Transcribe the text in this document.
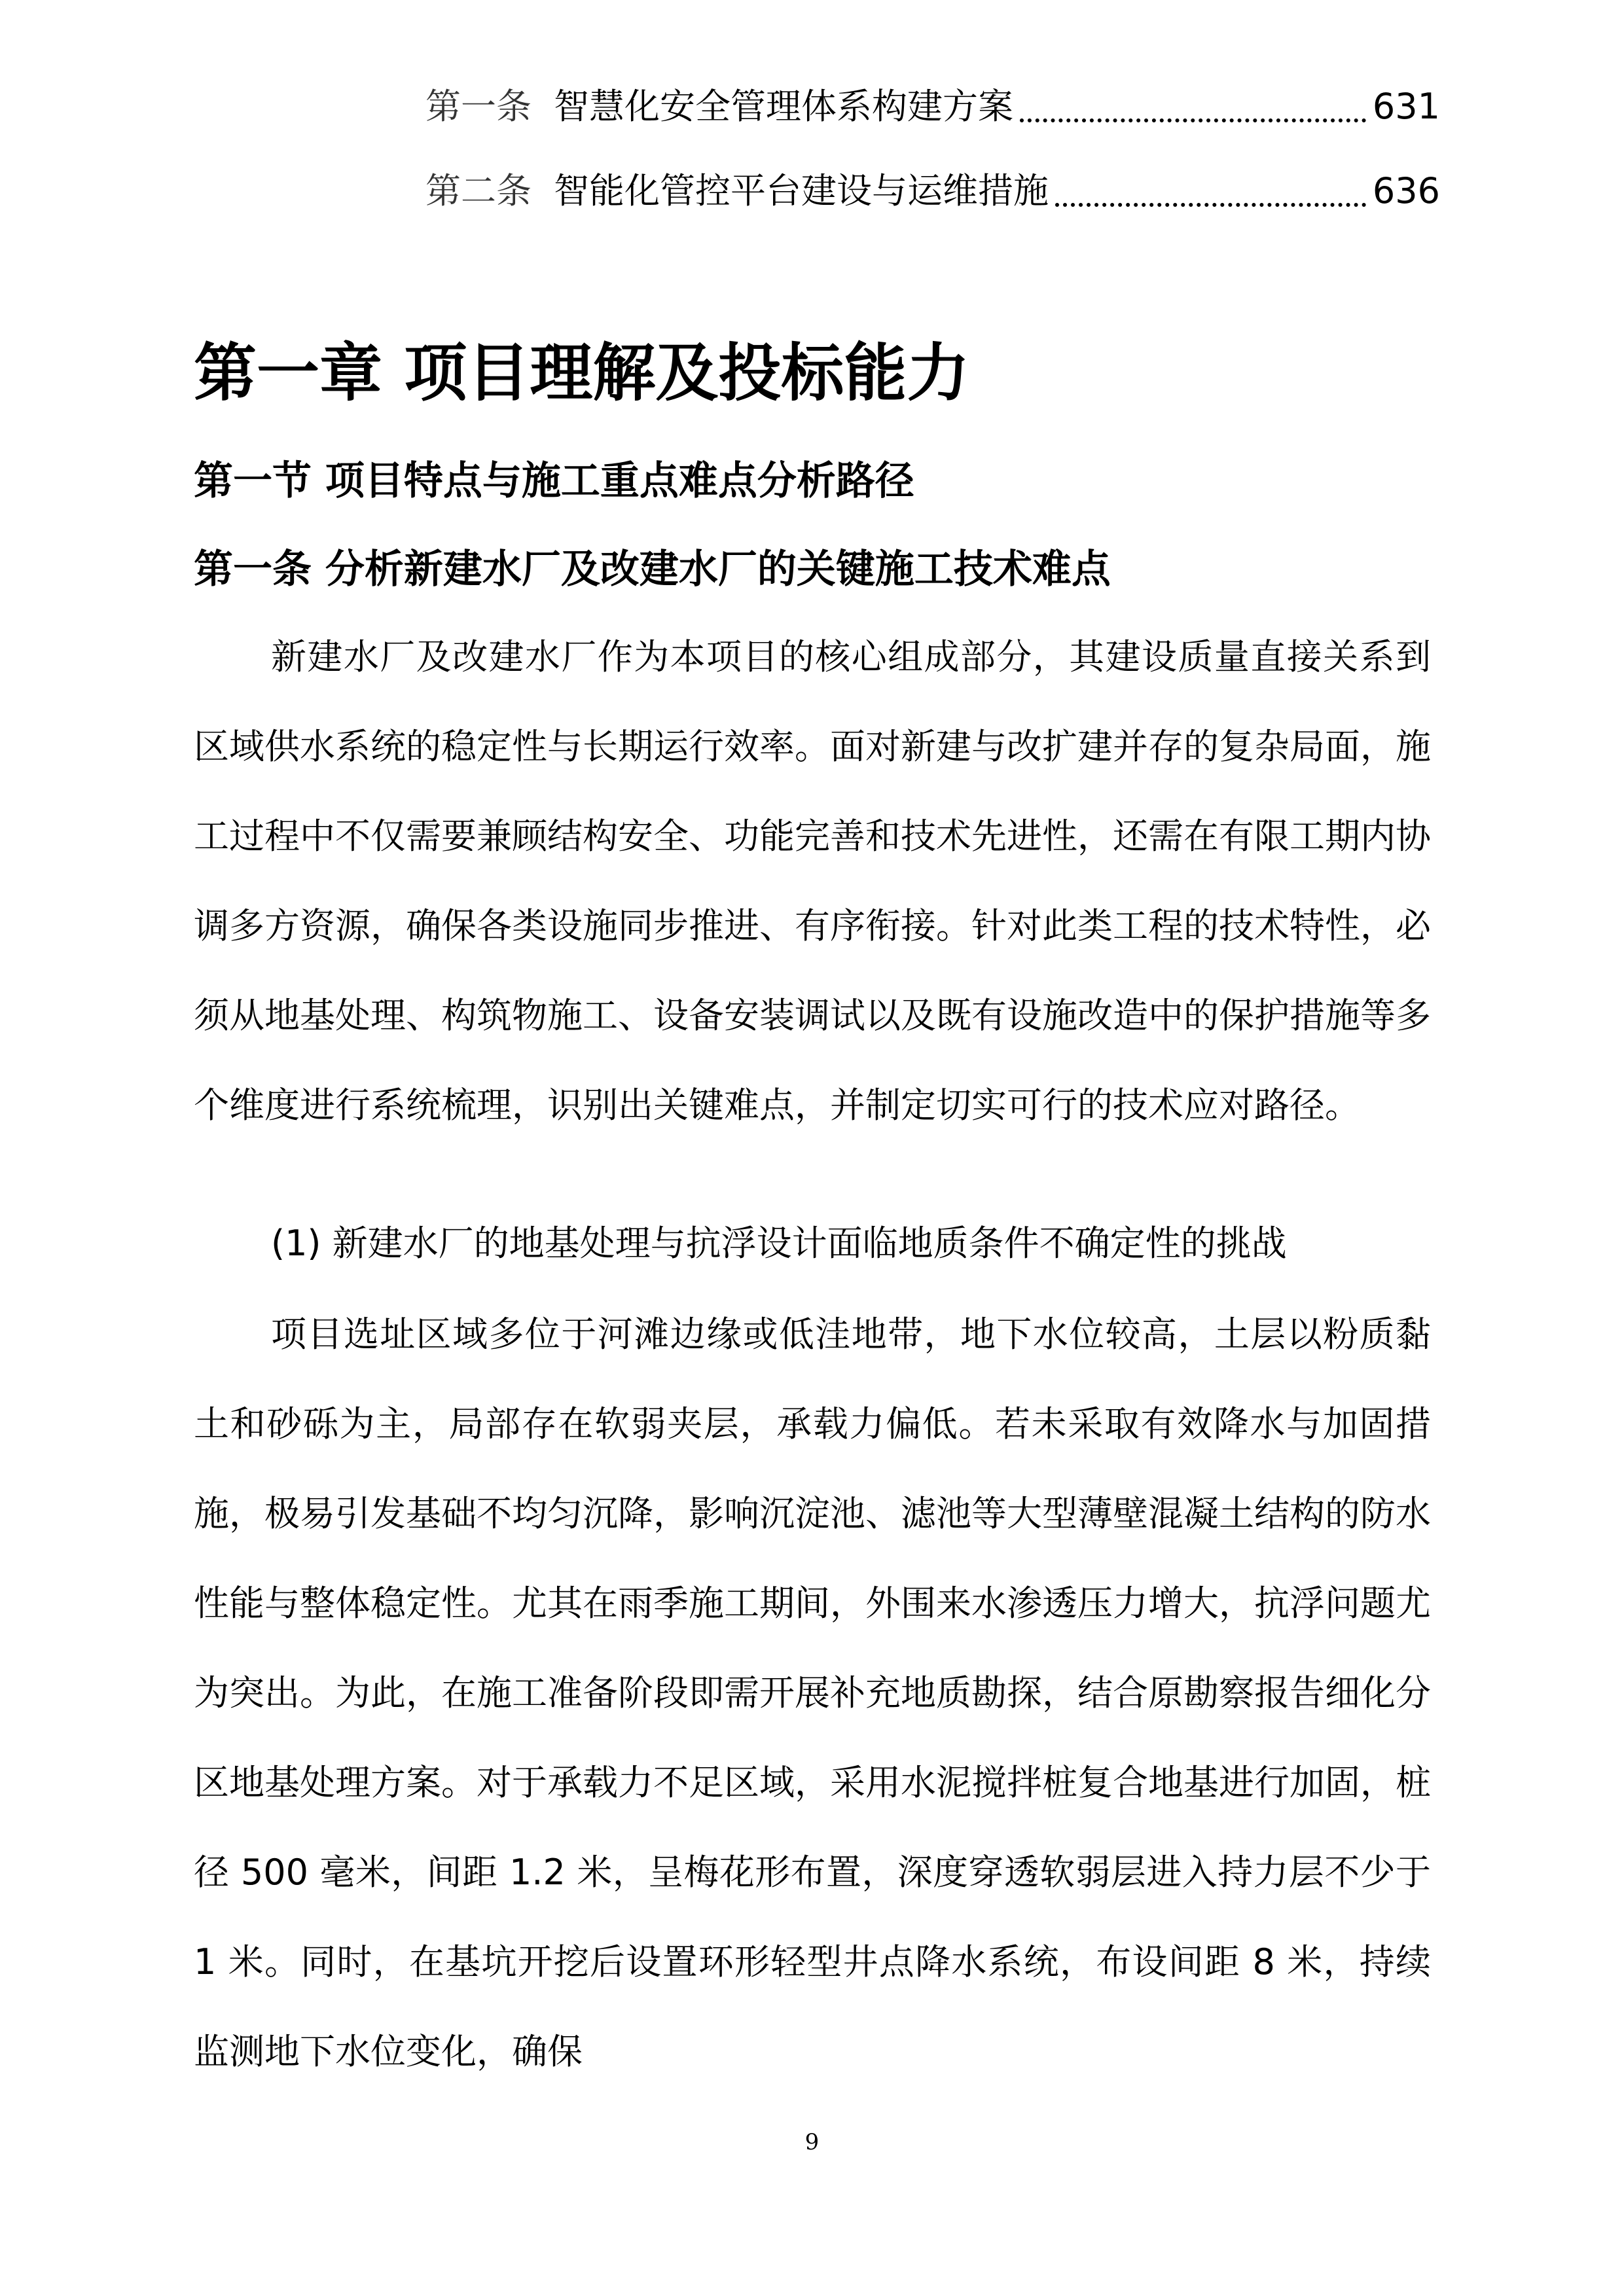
第一条 智慧化安全管理体系构建方案	631
第二条 智能化管控平台建设与运维措施	636
第一章 项目理解及投标能力
第一节 项目特点与施工重点难点分析路径
第一条 分析新建水厂及改建水厂的关键施工技术难点

新建水厂及改建水厂作为本项目的核心组成部分，其建设质量直接关系到区域供水系统的稳定性与长期运行效率。面对新建与改扩建并存的复杂局面，施工过程中不仅需要兼顾结构安全、功能完善和技术先进性，还需在有限工期内协调多方资源，确保各类设施同步推进、有序衔接。针对此类工程的技术特性，必须从地基处理、构筑物施工、设备安装调试以及既有设施改造中的保护措施等多个维度进行系统梳理，识别出关键难点，并制定切实可行的技术应对路径。

(1) 新建水厂的地基处理与抗浮设计面临地质条件不确定性的挑战

项目选址区域多位于河滩边缘或低洼地带，地下水位较高，土层以粉质黏土和砂砾为主，局部存在软弱夹层，承载力偏低。若未采取有效降水与加固措施，极易引发基础不均匀沉降，影响沉淀池、滤池等大型薄壁混凝土结构的防水性能与整体稳定性。尤其在雨季施工期间，外围来水渗透压力增大，抗浮问题尤为突出。为此，在施工准备阶段即需开展补充地质勘探，结合原勘察报告细化分区地基处理方案。对于承载力不足区域，采用水泥搅拌桩复合地基进行加固，桩径 500 毫米，间距 1.2 米，呈梅花形布置，深度穿透软弱层进入持力层不少于 1 米。同时，在基坑开挖后设置环形轻型井点降水系统，布设间距 8 米，持续监测地下水位变化，确保

9
